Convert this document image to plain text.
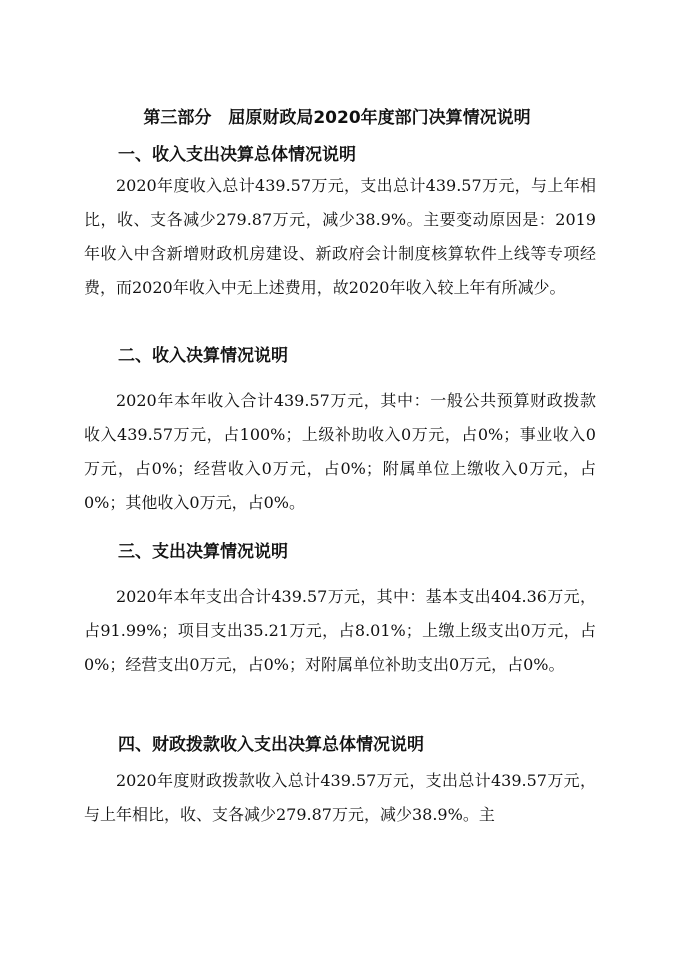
第三部分　屈原财政局2020年度部门决算情况说明
一、收入支出决算总体情况说明

2020年度收入总计439.57万元，支出总计439.57万元，与上年相比，收、支各减少279.87万元，减少38.9%。主要变动原因是：2019年收入中含新增财政机房建设、新政府会计制度核算软件上线等专项经费，而2020年收入中无上述费用，故2020年收入较上年有所减少。

二、收入决算情况说明

2020年本年收入合计439.57万元，其中：一般公共预算财政拨款收入439.57万元，占100%；上级补助收入0万元，占0%；事业收入0万元，占0%；经营收入0万元，占0%；附属单位上缴收入0万元，占0%；其他收入0万元，占0%。

三、支出决算情况说明

2020年本年支出合计439.57万元，其中：基本支出404.36万元，占91.99%；项目支出35.21万元，占8.01%；上缴上级支出0万元，占0%；经营支出0万元，占0%；对附属单位补助支出0万元，占0%。

四、财政拨款收入支出决算总体情况说明

2020年度财政拨款收入总计439.57万元，支出总计439.57万元，与上年相比，收、支各减少279.87万元，减少38.9%。主
